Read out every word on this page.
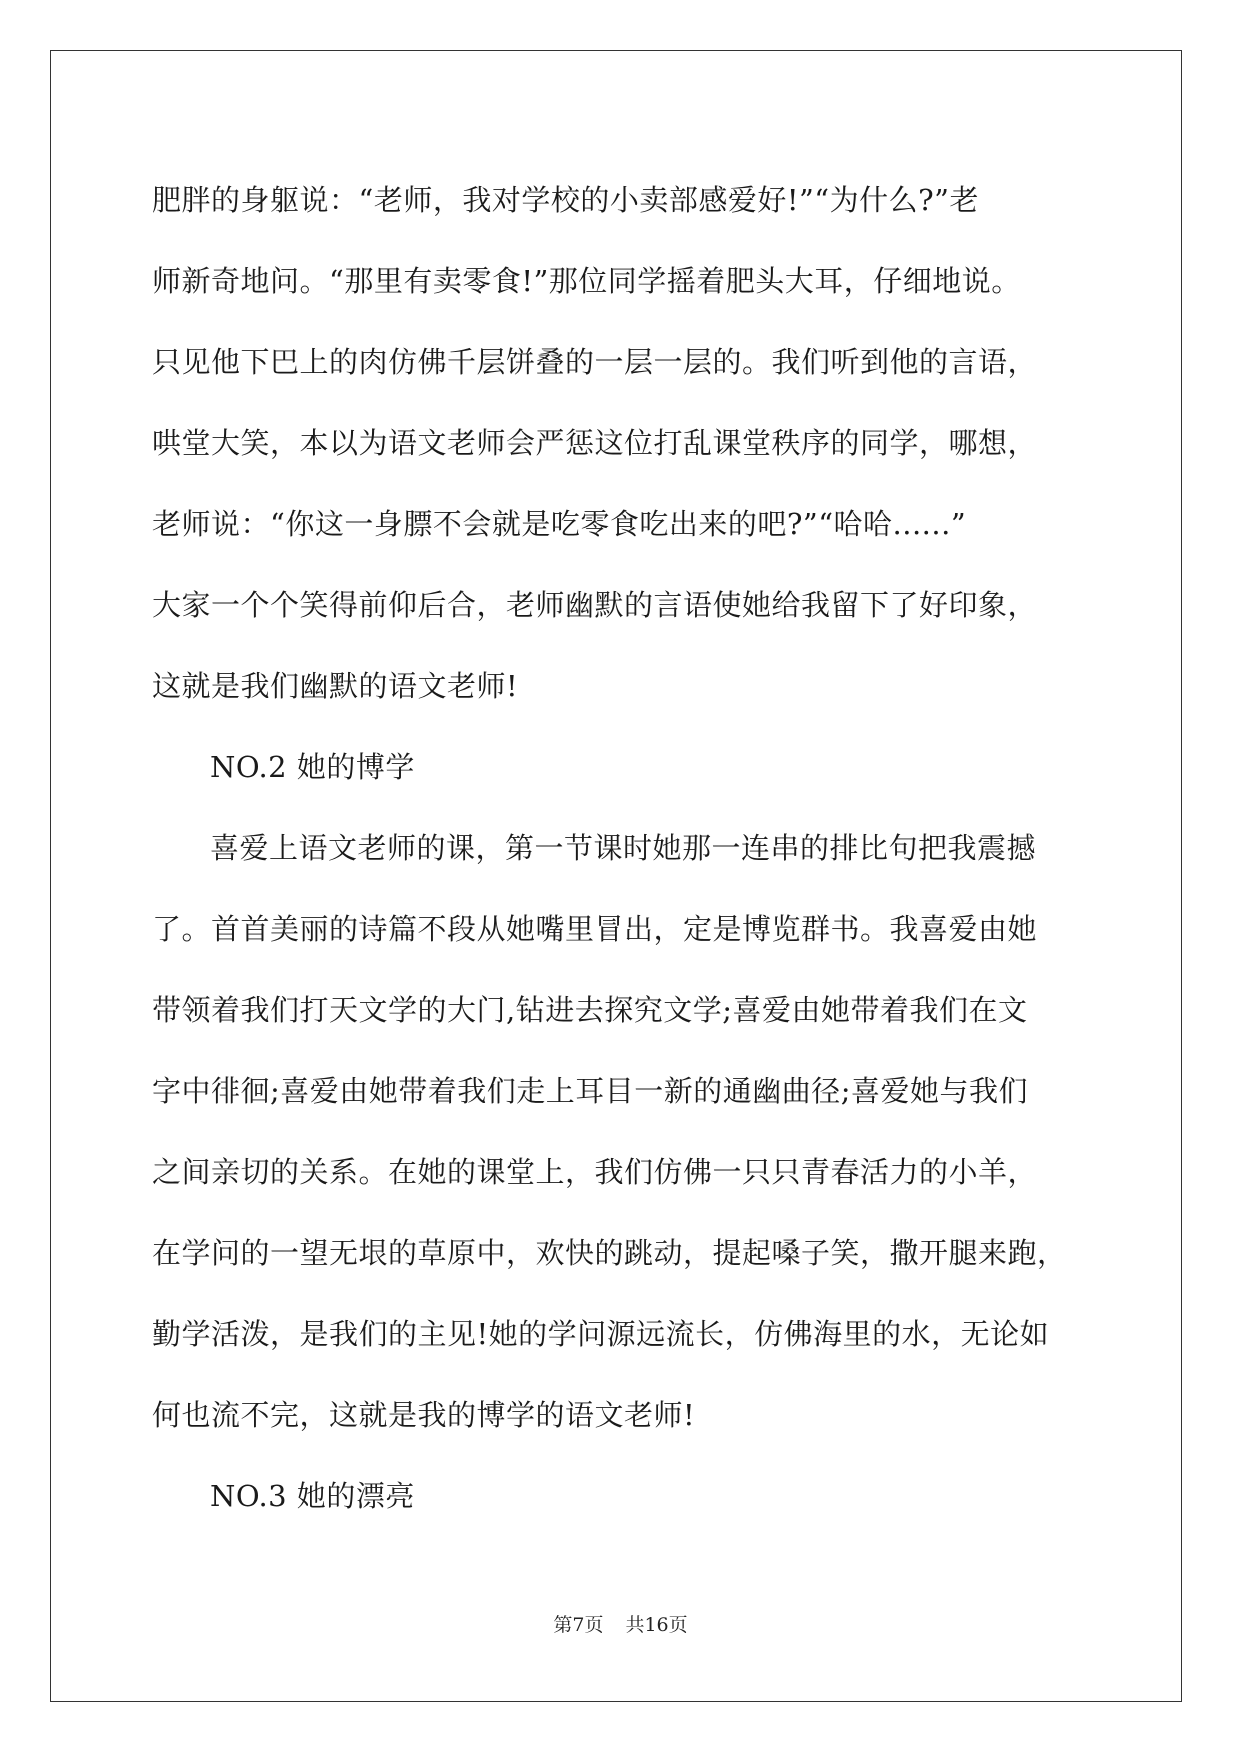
肥胖的身躯说：“老师，我对学校的小卖部感爱好!”“为什么?”老
师新奇地问。“那里有卖零食!”那位同学摇着肥头大耳，仔细地说。
只见他下巴上的肉仿佛千层饼叠的一层一层的。我们听到他的言语，
哄堂大笑，本以为语文老师会严惩这位打乱课堂秩序的同学，哪想，
老师说：“你这一身膘不会就是吃零食吃出来的吧?”“哈哈......”
大家一个个笑得前仰后合，老师幽默的言语使她给我留下了好印象，
这就是我们幽默的语文老师!
NO.2 她的博学
喜爱上语文老师的课，第一节课时她那一连串的排比句把我震撼
了。首首美丽的诗篇不段从她嘴里冒出，定是博览群书。我喜爱由她
带领着我们打天文学的大门,钻进去探究文学;喜爱由她带着我们在文
字中徘徊;喜爱由她带着我们走上耳目一新的通幽曲径;喜爱她与我们
之间亲切的关系。在她的课堂上，我们仿佛一只只青春活力的小羊，
在学问的一望无垠的草原中，欢快的跳动，提起嗓子笑，撒开腿来跑，
勤学活泼，是我们的主见!她的学问源远流长，仿佛海里的水，无论如
何也流不完，这就是我的博学的语文老师!
NO.3 她的漂亮
第7页 共16页
